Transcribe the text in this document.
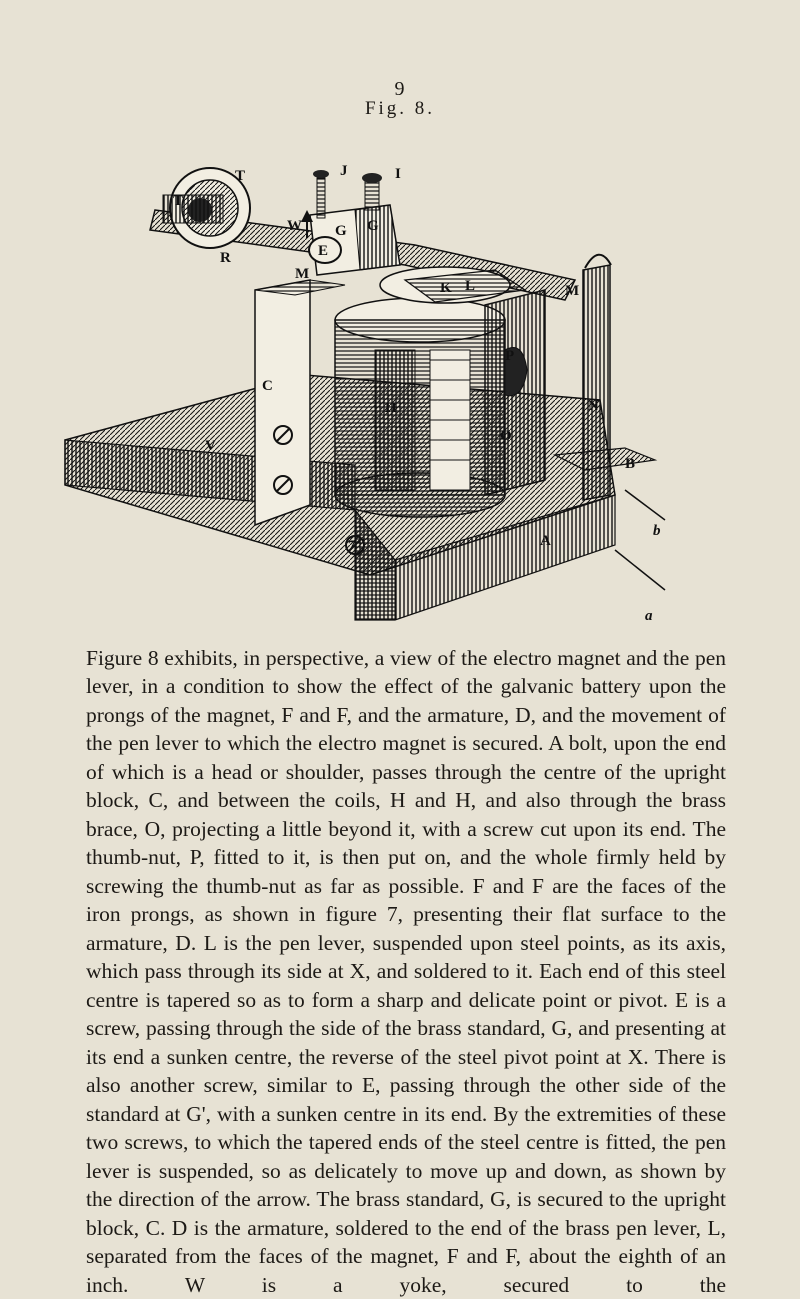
9
Fig. 8.
T
T
W
R
M
E
J	I
G G
K	M
L
P
C
H
O
N
B
V
A
b
a
7

Figure 8 exhibits, in perspective, a view of the electro magnet and the pen lever, in a condition to show the effect of the galvanic battery upon the prongs of the magnet, F and F, and the armature, D, and the movement of the pen lever to which the electro magnet is secured. A bolt, upon the end of which is a head or shoulder, passes through the centre of the upright block, C, and between the coils, H and H, and also through the brass brace, O, projecting a little beyond it, with a screw cut upon its end. The thumb-nut, P, fitted to it, is then put on, and the whole firmly held by screwing the thumb-nut as far as possible. F and F are the faces of the iron prongs, as shown in figure 7, presenting their flat surface to the armature, D. L is the pen lever, suspended upon steel points, as its axis, which pass through its side at X, and soldered to it. Each end of this steel centre is tapered so as to form a sharp and delicate point or pivot. E is a screw, passing through the side of the brass standard, G, and presenting at its end a sunken centre, the reverse of the steel pivot point at X. There is also another screw, similar to E, passing through the other side of the standard at G', with a sunken centre in its end. By the extremities of these two screws, to which the tapered ends of the steel centre is fitted, the pen lever is suspended, so as delicately to move up and down, as shown by the direction of the arrow. The brass standard, G, is secured to the upright block, C. D is the armature, soldered to the end of the brass pen lever, L, separated from the faces of the magnet, F and F, about the eighth of an inch. W is a yoke, secured to the
